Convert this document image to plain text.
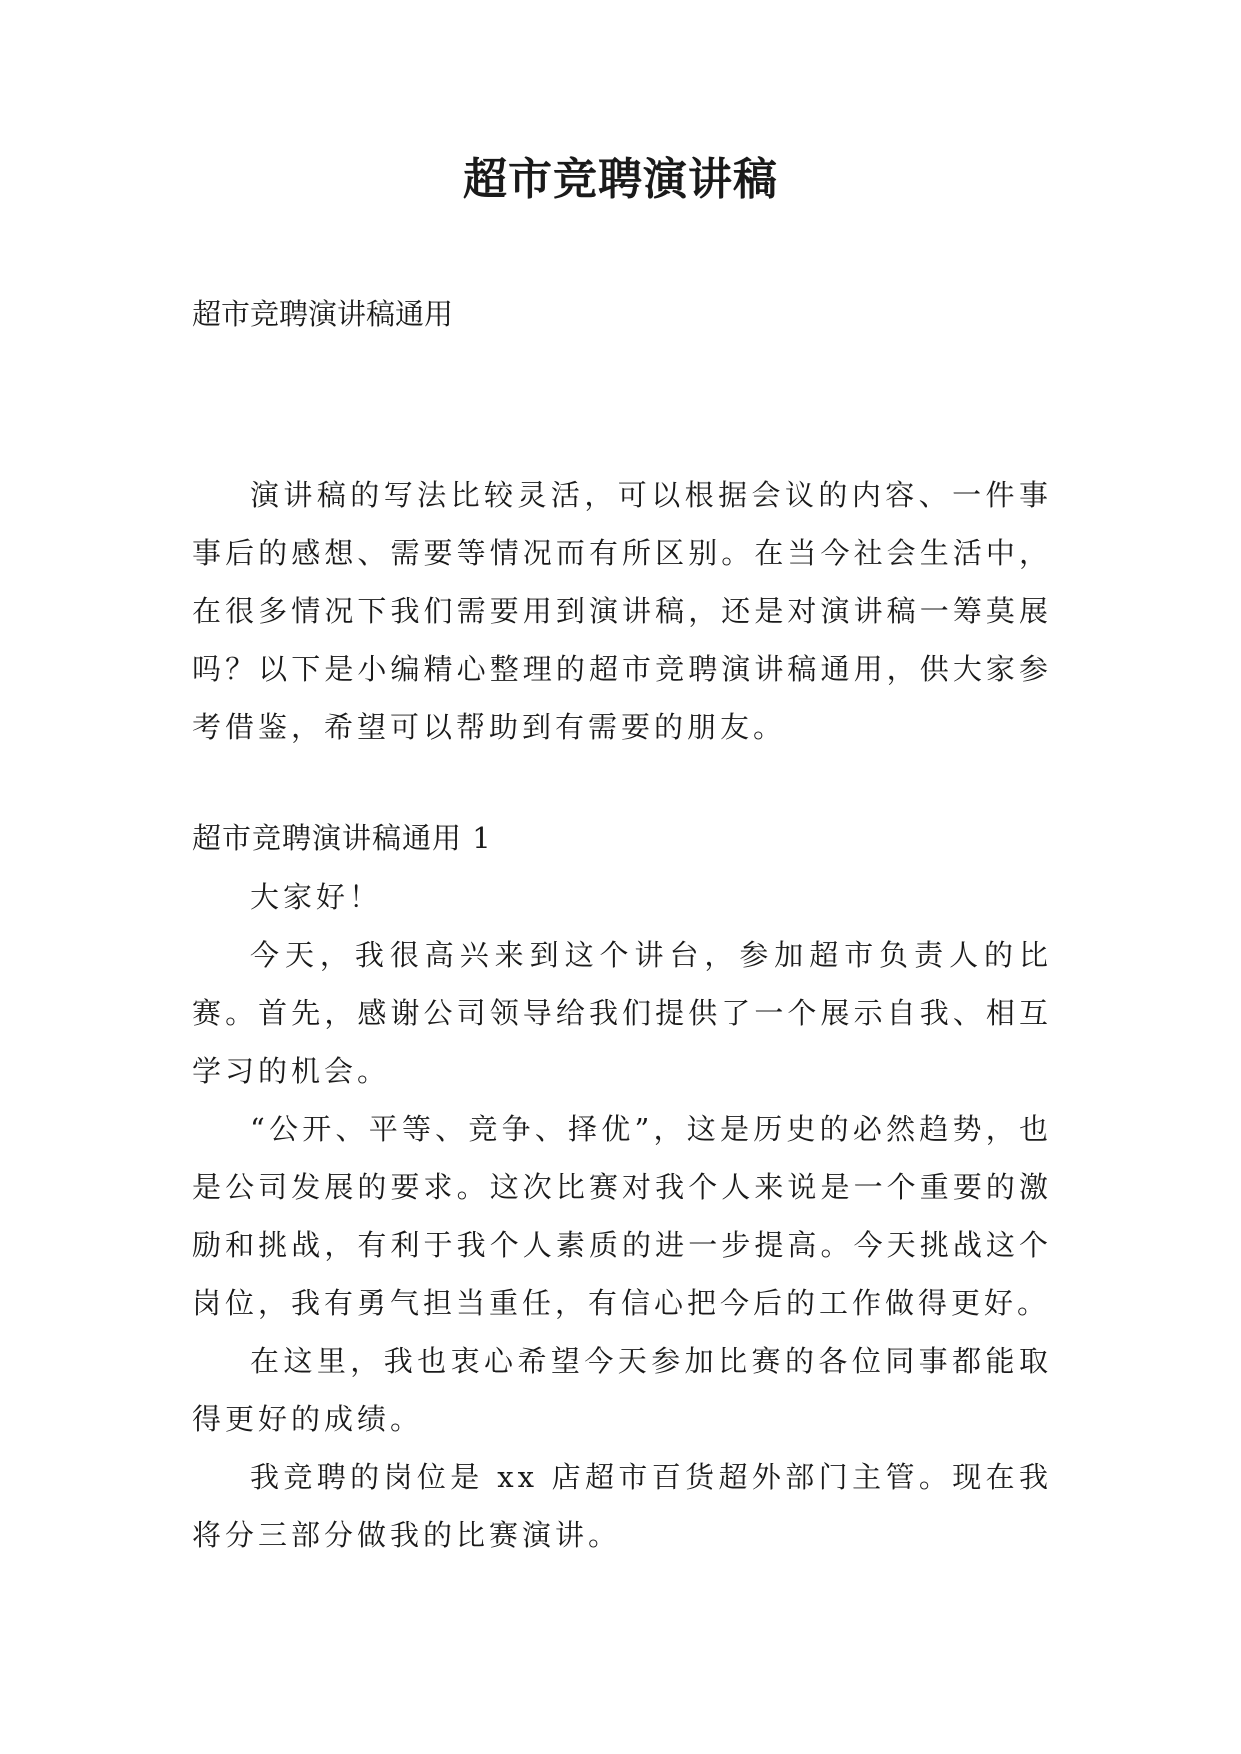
超市竞聘演讲稿
超市竞聘演讲稿通用

演讲稿的写法比较灵活，可以根据会议的内容、一件事事后的感想、需要等情况而有所区别。在当今社会生活中，在很多情况下我们需要用到演讲稿，还是对演讲稿一筹莫展吗？以下是小编精心整理的超市竞聘演讲稿通用，供大家参考借鉴，希望可以帮助到有需要的朋友。

超市竞聘演讲稿通用 1

大家好！

今天，我很高兴来到这个讲台，参加超市负责人的比赛。首先，感谢公司领导给我们提供了一个展示自我、相互学习的机会。

“公开、平等、竞争、择优”，这是历史的必然趋势，也是公司发展的要求。这次比赛对我个人来说是一个重要的激励和挑战，有利于我个人素质的进一步提高。今天挑战这个岗位，我有勇气担当重任，有信心把今后的工作做得更好。

在这里，我也衷心希望今天参加比赛的各位同事都能取得更好的成绩。

我竞聘的岗位是 xx 店超市百货超外部门主管。现在我将分三部分做我的比赛演讲。
